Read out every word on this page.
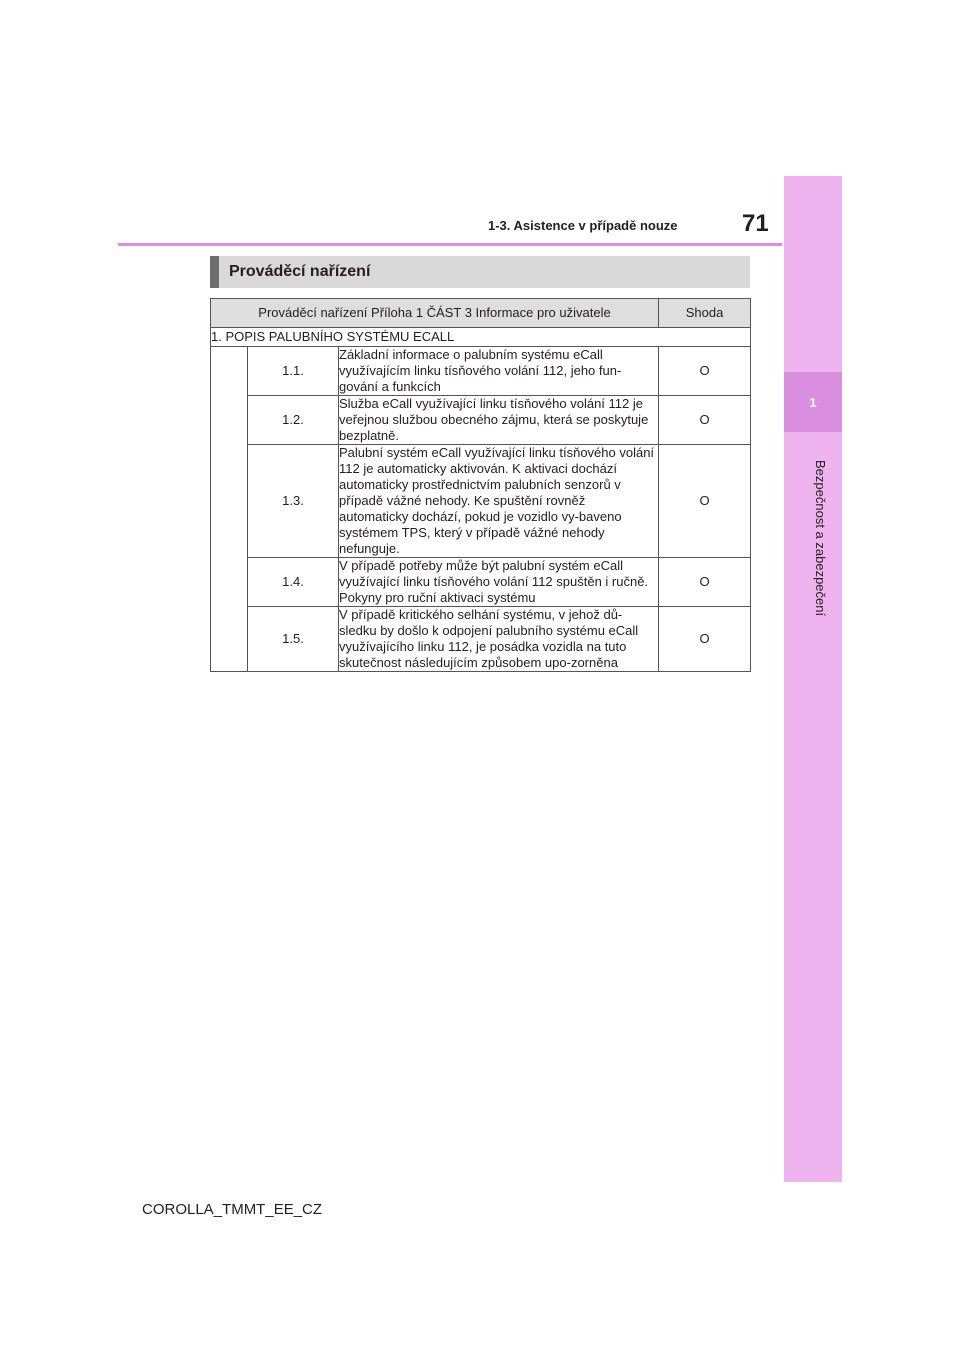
1
Bezpečnost a zabezpečení
1-3. Asistence v případě nouze	71
Prováděcí nařízení
Prováděcí nařízení Příloha 1 ČÁST 3 Informace pro uživatele			Shoda
1. POPIS PALUBNÍHO SYSTÉMU ECALL			
	1.1.	Základní informace o palubním systému eCall využívajícím linku tísňového volání 112, jeho fun-gování a funkcích	O
	1.2.	Služba eCall využívající linku tísňového volání 112 je veřejnou službou obecného zájmu, která se poskytuje bezplatně.	O
	1.3.	Palubní systém eCall využívající linku tísňového volání 112 je automaticky aktivován. K aktivaci dochází automaticky prostřednictvím palubních senzorů v případě vážné nehody. Ke spuštění rovněž automaticky dochází, pokud je vozidlo vy-baveno systémem TPS, který v případě vážné nehody nefunguje.	O
	1.4.	V případě potřeby může být palubní systém eCall využívající linku tísňového volání 112 spuštěn i ručně. Pokyny pro ruční aktivaci systému	O
	1.5.	V případě kritického selhání systému, v jehož dů-sledku by došlo k odpojení palubního systému eCall využívajícího linku 112, je posádka vozidla na tuto skutečnost následujícím způsobem upo-zorněna	O
COROLLA_TMMT_EE_CZ
